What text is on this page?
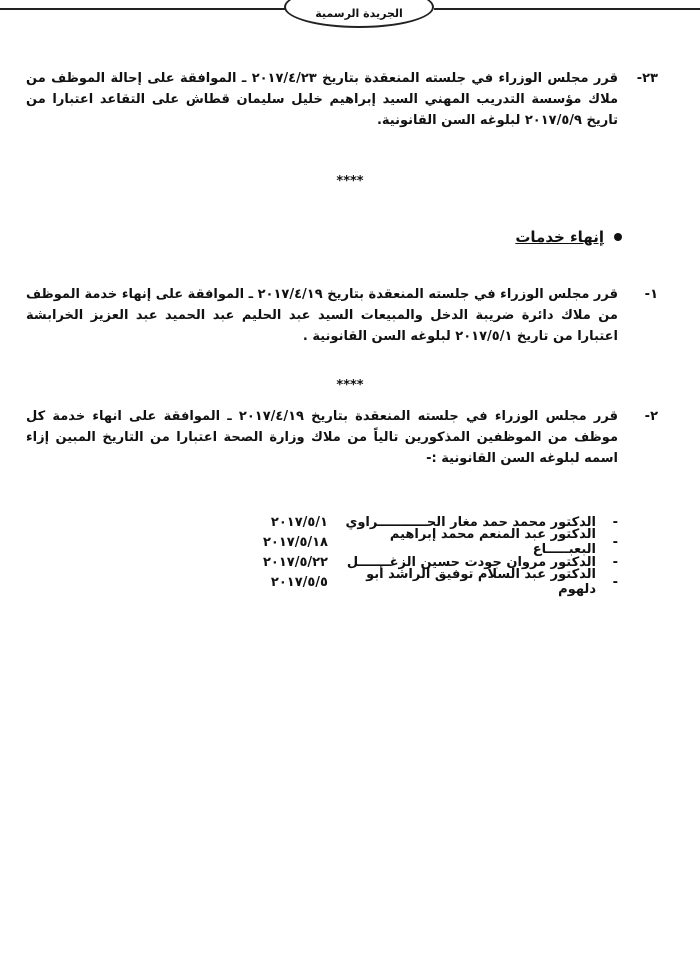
الجريدة الرسمية
٢٣-
قرر مجلس الوزراء في جلسته المنعقدة بتاريخ ٢٠١٧/٤/٢٣ ـ الموافقة على إحالة الموظف من ملاك مؤسسة التدريب المهني السيد إبراهيم خليل سليمان قطاش على التقاعد اعتبارا من تاريخ ٢٠١٧/٥/٩ لبلوغه السن القانونية.
****
إنهاء خدمات
١-
قرر مجلس الوزراء في جلسته المنعقدة بتاريخ ٢٠١٧/٤/١٩ ـ الموافقة على إنهاء خدمة الموظف من ملاك دائرة ضريبة الدخل والمبيعات السيد عبد الحليم عبد الحميد عبد العزيز الخرابشة اعتبارا من تاريخ ٢٠١٧/٥/١ لبلوغه السن القانونية .
****
٢-
قرر مجلس الوزراء في جلسته المنعقدة بتاريخ ٢٠١٧/٤/١٩ ـ الموافقة على انهاء خدمة كل موظف من الموظفين المذكورين تالياً من ملاك وزارة الصحة اعتبارا من التاريخ المبين إزاء اسمه لبلوغه السن القانونية :-
-
الدكتور محمد حمد مغار الحـــــــــــراوي
٢٠١٧/٥/١
-
الدكتور عبد المنعم محمد إبراهيم البعبـــــاع
٢٠١٧/٥/١٨
-
الدكتور مروان جودت حسين الزغـــــــل
٢٠١٧/٥/٢٢
-
الدكتور عبد السلام توفيق الراشد أبو دلهوم
٢٠١٧/٥/٥
